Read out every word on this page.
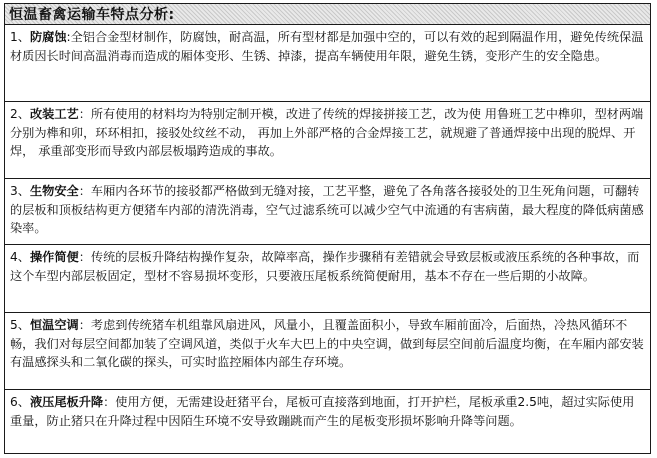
恒温畜禽运输车特点分析:
1、防腐蚀:全铝合金型材制作，防腐蚀，耐高温，所有型材都是加强中空的，可以有效的起到隔温作用，避免传统保温材质因长时间高温消毒而造成的厢体变形、生锈、掉漆，提高车辆使用年限，避免生锈，变形产生的安全隐患。
2、改装工艺：所有使用的材料均为特别定制开模，改进了传统的焊接拼接工艺，改为使 用鲁班工艺中榫卯，型材两端分别为榫和卯，环环相扣，接驳处纹丝不动， 再加上外部严格的合金焊接工艺，就规避了普通焊接中出现的脱焊、开焊， 承重部变形而导致内部层板塌跨造成的事故。
3、生物安全：车厢内各环节的接驳都严格做到无缝对接，工艺平整，避免了各角落各接驳处的卫生死角问题，可翻转的层板和顶板结构更方便猪车内部的清洗消毒，空气过滤系统可以减少空气中流通的有害病菌，最大程度的降低病菌感染率。
4、操作简便：传统的层板升降结构操作复杂，故障率高，操作步骤稍有差错就会导致层板或液压系统的各种事故，而这个车型内部层板固定，型材不容易损坏变形，只要液压尾板系统简便耐用，基本不存在一些后期的小故障。
5、恒温空调：考虑到传统猪车机组靠风扇进风，风量小，且覆盖面积小，导致车厢前面冷，后面热，冷热风循环不畅，我们对每层空间都加装了空调风道，类似于火车大巴上的中央空调，做到每层空间前后温度均衡，在车厢内部安装有温感探头和二氧化碳的探头，可实时监控厢体内部生存环境。
6、液压尾板升降：使用方便，无需建设赶猪平台，尾板可直接落到地面，打开护栏，尾板承重2.5吨，超过实际使用重量，防止猪只在升降过程中因陌生环境不安导致蹦跳而产生的尾板变形损坏影响升降等问题。
